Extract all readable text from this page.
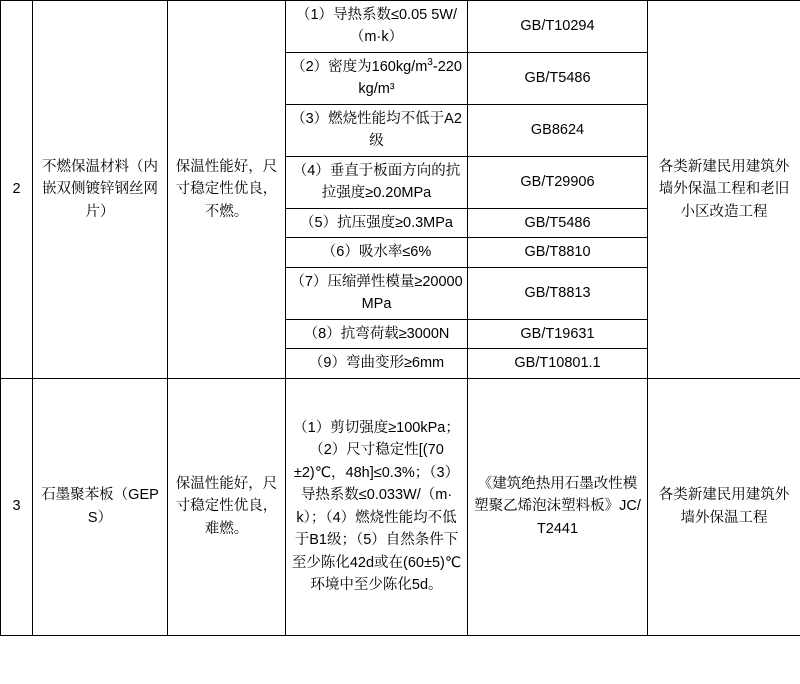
2	不燃保温材料（内嵌双侧镀锌钢丝网片）	保温性能好，尺寸稳定性优良，不燃。	（1）导热系数≤0.05 5W/（m·k）	GB/T10294	各类新建民用建筑外墙外保温工程和老旧小区改造工程
			（2）密度为$160kg/m^3-220kg/m^3$	GB/T5486	
			（3）燃烧性能均不低于A2级	GB8624	
			（4）垂直于板面方向的抗拉强度≥0.20MPa	GB/T29906	
			（5）抗压强度≥0.3MPa	GB/T5486	
			（6）吸水率≤6%	GB/T8810	
			（7）压缩弹性模量≥20000MPa	GB/T8813	
			（8）抗弯荷载≥3000N	GB/T19631	
			（9）弯曲变形≥6mm	GB/T10801.1	
3	石墨聚苯板（GEPS）	保温性能好，尺寸稳定性优良，难燃。	（1）剪切强度≥100kPa；（2）尺寸稳定性[(70±2)℃，48h]≤0.3%；（3）导热系数≤0.033W/（m·k）；（4）燃烧性能均不低于B1级；（5）自然条件下至少陈化42d或在(60±5)℃环境中至少陈化5d。	《建筑绝热用石墨改性模塑聚乙烯泡沫塑料板》JC/T2441	各类新建民用建筑外墙外保温工程
